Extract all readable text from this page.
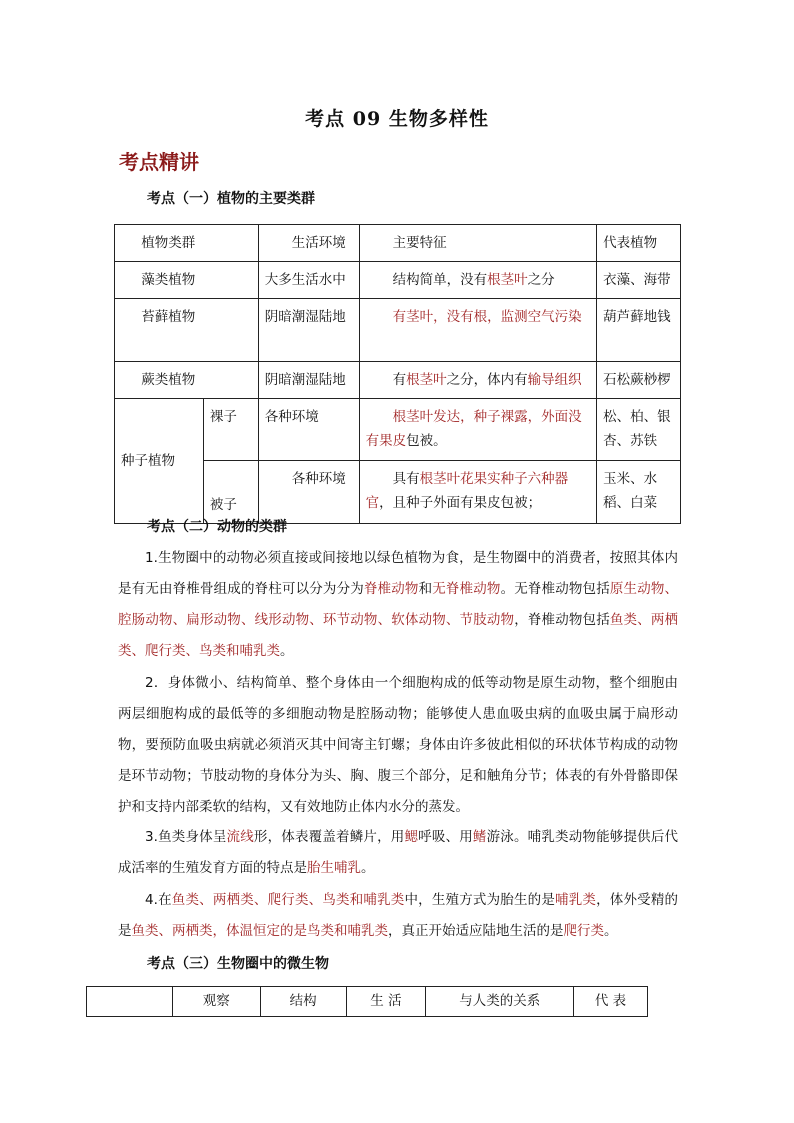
考点 09 生物多样性
考点精讲
考点（一）植物的主要类群
植物类群		生活环境	主要特征	代表植物
藻类植物		大多生活水中	结构简单，没有根茎叶之分	衣藻、海带
苔藓植物		阴暗潮湿陆地	有茎叶，没有根，监测空气污染	葫芦藓地钱
蕨类植物		阴暗潮湿陆地	有根茎叶之分，体内有输导组织	石松蕨桫椤
种子植物	裸子	各种环境	根茎叶发达，种子裸露，外面没有果皮包被。	松、柏、银杏、苏铁
	被子	各种环境	具有根茎叶花果实种子六种器官，且种子外面有果皮包被；	玉米、水稻、白菜
考点（二）动物的类群
1.生物圈中的动物必须直接或间接地以绿色植物为食，是生物圈中的消费者，按照其体内是有无由脊椎骨组成的脊柱可以分为分为脊椎动物和无脊椎动物。无脊椎动物包括原生动物、腔肠动物、扁形动物、线形动物、环节动物、软体动物、节肢动物，脊椎动物包括鱼类、两栖类、爬行类、鸟类和哺乳类。
2．身体微小、结构简单、整个身体由一个细胞构成的低等动物是原生动物，整个细胞由两层细胞构成的最低等的多细胞动物是腔肠动物；能够使人患血吸虫病的血吸虫属于扁形动物，要预防血吸虫病就必须消灭其中间寄主钉螺；身体由许多彼此相似的环状体节构成的动物是环节动物；节肢动物的身体分为头、胸、腹三个部分，足和触角分节；体表的有外骨骼即保护和支持内部柔软的结构，又有效地防止体内水分的蒸发。
3.鱼类身体呈流线形，体表覆盖着鳞片，用鳃呼吸、用鳍游泳。哺乳类动物能够提供后代成活率的生殖发育方面的特点是胎生哺乳。
4.在鱼类、两栖类、爬行类、鸟类和哺乳类中，生殖方式为胎生的是哺乳类，体外受精的是鱼类、两栖类，体温恒定的是鸟类和哺乳类，真正开始适应陆地生活的是爬行类。
考点（三）生物圈中的微生物
	观察	结构	生 活	与人类的关系	代 表
